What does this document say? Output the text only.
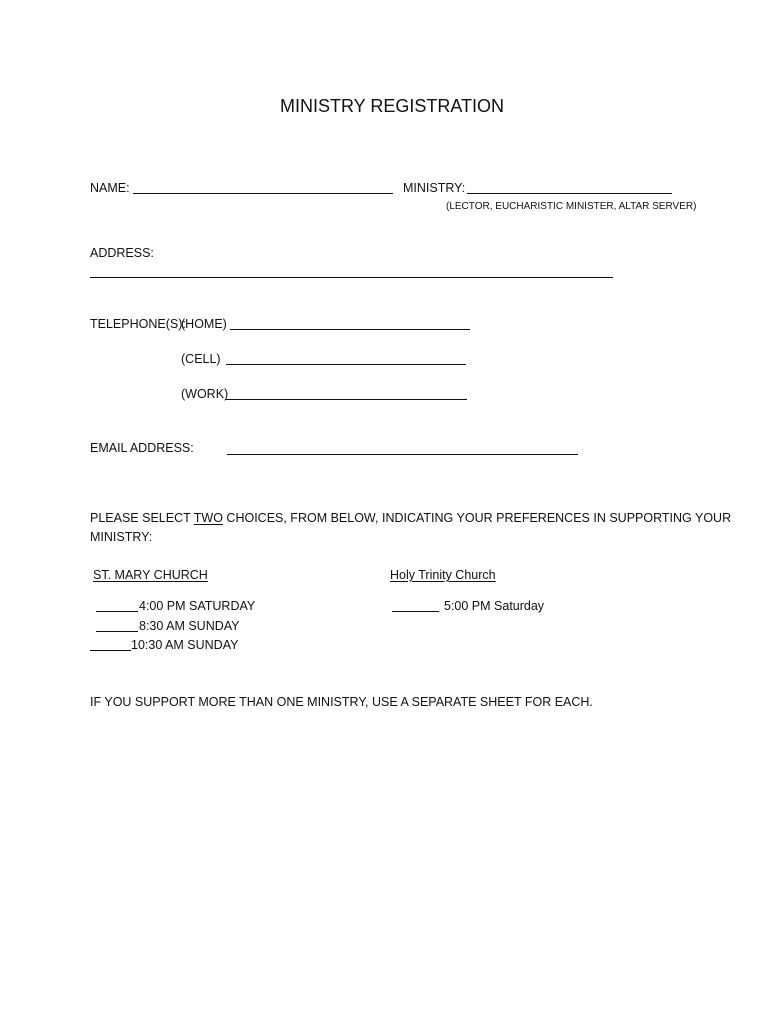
MINISTRY REGISTRATION
NAME:	MINISTRY:
(LECTOR, EUCHARISTIC MINISTER, ALTAR SERVER)
ADDRESS:
TELEPHONE(S):
(HOME)
(CELL)
(WORK)
EMAIL ADDRESS:
PLEASE SELECT TWO CHOICES, FROM BELOW, INDICATING YOUR PREFERENCES IN SUPPORTING YOUR
MINISTRY:
ST. MARY CHURCH
4:00 PM SATURDAY
8:30 AM SUNDAY
10:30 AM SUNDAY
Holy Trinity Church
5:00 PM Saturday
IF YOU SUPPORT MORE THAN ONE MINISTRY, USE A SEPARATE SHEET FOR EACH.
